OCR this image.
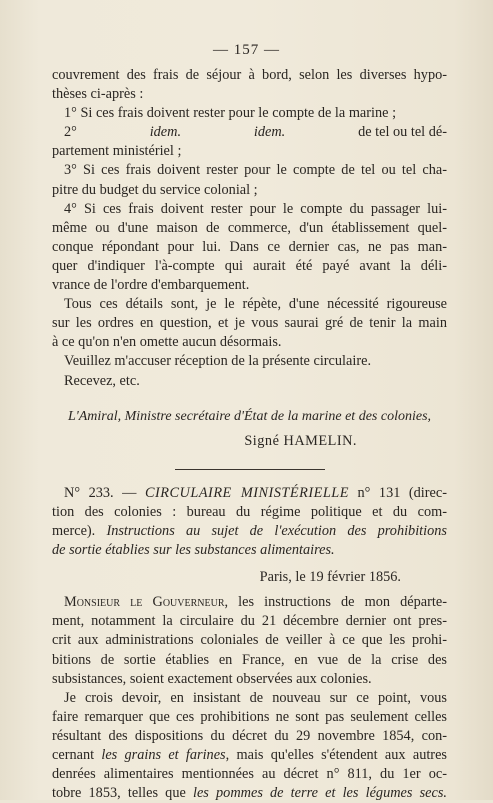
— 157 —

couvrement des frais de séjour à bord, selon les diverses hypo-
thèses ci-après :

1° Si ces frais doivent rester pour le compte de la marine ;

2°	idem.	idem.	de tel ou tel dé-
partement ministériel ;

3° Si ces frais doivent rester pour le compte de tel ou tel cha-
pitre du budget du service colonial ;

4° Si ces frais doivent rester pour le compte du passager lui-
même ou d'une maison de commerce, d'un établissement quel-
conque répondant pour lui. Dans ce dernier cas, ne pas man-
quer d'indiquer l'à-compte qui aurait été payé avant la déli-
vrance de l'ordre d'embarquement.

Tous ces détails sont, je le répète, d'une nécessité rigoureuse
sur les ordres en question, et je vous saurai gré de tenir la main
à ce qu'on n'en omette aucun désormais.

Veuillez m'accuser réception de la présente circulaire.

Recevez, etc.

L'Amiral, Ministre secrétaire d'État de la marine et des colonies,
Signé HAMELIN.

N° 233. — CIRCULAIRE MINISTÉRIELLE n° 131 (direc-
tion des colonies : bureau du régime politique et du com-
merce). Instructions au sujet de l'exécution des prohibitions
de sortie établies sur les substances alimentaires.

Paris, le 19 février 1856.

Monsieur le Gouverneur, les instructions de mon départe-
ment, notamment la circulaire du 21 décembre dernier ont pres-
crit aux administrations coloniales de veiller à ce que les prohi-
bitions de sortie établies en France, en vue de la crise des
subsistances, soient exactement observées aux colonies.

Je crois devoir, en insistant de nouveau sur ce point, vous
faire remarquer que ces prohibitions ne sont pas seulement celles
résultant des dispositions du décret du 29 novembre 1854, con-
cernant les grains et farines, mais qu'elles s'étendent aux autres
denrées alimentaires mentionnées au décret n° 811, du 1er oc-
tobre 1853, telles que les pommes de terre et les légumes secs.
